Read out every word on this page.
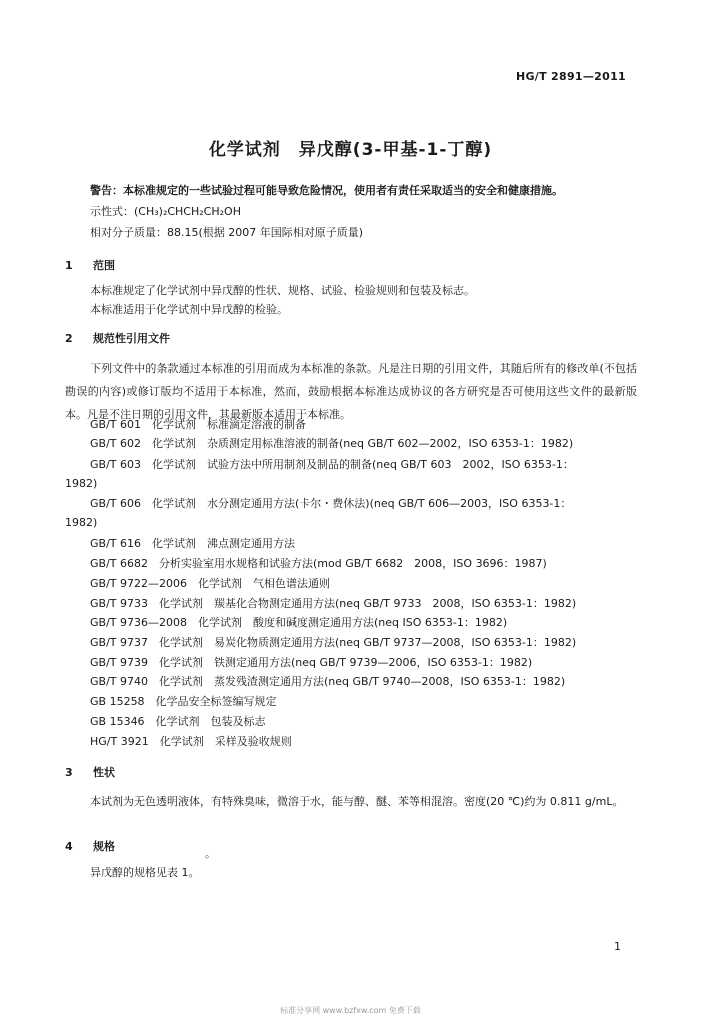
HG/T 2891—2011
化学试剂　异戊醇(3-甲基-1-丁醇)
警告：本标准规定的一些试验过程可能导致危险情况，使用者有责任采取适当的安全和健康措施。
示性式：(CH₃)₂CHCH₂CH₂OH
相对分子质量：88.15(根据 2007 年国际相对原子质量)
1 范围
本标准规定了化学试剂中异戊醇的性状、规格、试验、检验规则和包装及标志。
本标准适用于化学试剂中异戊醇的检验。
2 规范性引用文件
下列文件中的条款通过本标准的引用而成为本标准的条款。凡是注日期的引用文件，其随后所有的修改单(不包括勘误的内容)或修订版均不适用于本标准，然而，鼓励根据本标准达成协议的各方研究是否可使用这些文件的最新版本。凡是不注日期的引用文件，其最新版本适用于本标准。
GB/T 601　化学试剂　标准滴定溶液的制备
GB/T 602　化学试剂　杂质测定用标准溶液的制备(neq GB/T 602—2002，ISO 6353-1：1982)
GB/T 603　化学试剂　试验方法中所用制剂及制品的制备(neq GB/T 603　2002，ISO 6353-1：
1982)
GB/T 606　化学试剂　水分测定通用方法(卡尔・费休法)(neq GB/T 606—2003，ISO 6353-1：
1982)
GB/T 616　化学试剂　沸点测定通用方法
GB/T 6682　分析实验室用水规格和试验方法(mod GB/T 6682　2008，ISO 3696：1987)
GB/T 9722—2006　化学试剂　气相色谱法通则
GB/T 9733　化学试剂　羰基化合物测定通用方法(neq GB/T 9733　2008，ISO 6353-1：1982)
GB/T 9736—2008　化学试剂　酸度和碱度测定通用方法(neq ISO 6353-1：1982)
GB/T 9737　化学试剂　易炭化物质测定通用方法(neq GB/T 9737—2008，ISO 6353-1：1982)
GB/T 9739　化学试剂　铁测定通用方法(neq GB/T 9739—2006，ISO 6353-1：1982)
GB/T 9740　化学试剂　蒸发残渣测定通用方法(neq GB/T 9740—2008，ISO 6353-1：1982)
GB 15258　化学品安全标签编写规定
GB 15346　化学试剂　包装及标志
HG/T 3921　化学试剂　采样及验收规则
3 性状
本试剂为无色透明液体，有特殊臭味，微溶于水，能与醇、醚、苯等相混溶。密度(20 ℃)约为 0.811 g/mL。
4 规格
。
异戊醇的规格见表 1。
1
标准分享网 www.bzfxw.com 免费下载
